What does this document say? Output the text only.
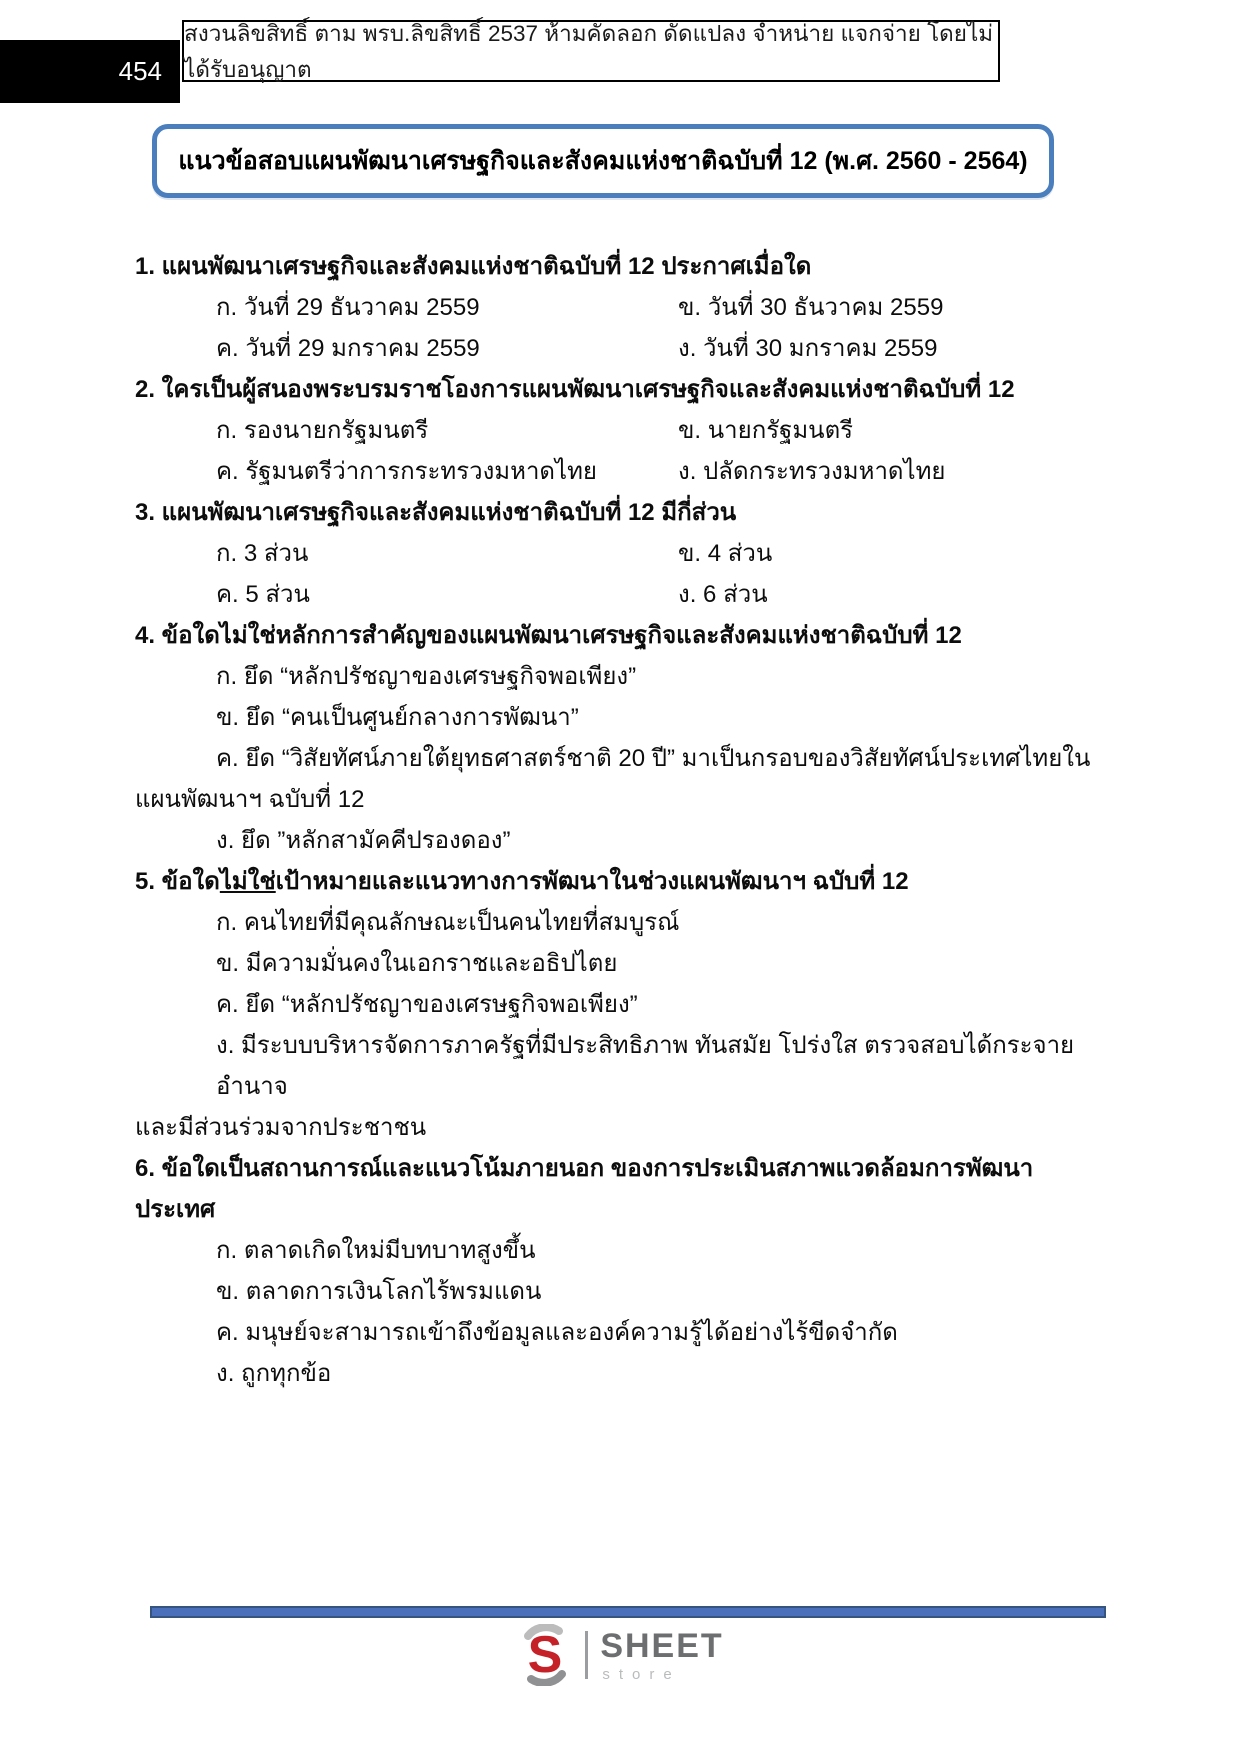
454
สงวนลิขสิทธิ์ ตาม พรบ.ลิขสิทธิ์ 2537 ห้ามคัดลอก ดัดแปลง จำหน่าย แจกจ่าย โดยไม่ได้รับอนุญาต
แนวข้อสอบแผนพัฒนาเศรษฐกิจและสังคมแห่งชาติฉบับที่ 12 (พ.ศ. 2560 - 2564)
1. แผนพัฒนาเศรษฐกิจและสังคมแห่งชาติฉบับที่ 12 ประกาศเมื่อใด
ก. วันที่ 29 ธันวาคม 2559	ข. วันที่ 30 ธันวาคม 2559
ค. วันที่ 29 มกราคม 2559	ง. วันที่ 30 มกราคม 2559
2. ใครเป็นผู้สนองพระบรมราชโองการแผนพัฒนาเศรษฐกิจและสังคมแห่งชาติฉบับที่ 12
ก. รองนายกรัฐมนตรี	ข. นายกรัฐมนตรี
ค. รัฐมนตรีว่าการกระทรวงมหาดไทย	ง. ปลัดกระทรวงมหาดไทย
3. แผนพัฒนาเศรษฐกิจและสังคมแห่งชาติฉบับที่ 12 มีกี่ส่วน
ก. 3 ส่วน	ข. 4 ส่วน
ค. 5 ส่วน	ง. 6 ส่วน
4. ข้อใดไม่ใช่หลักการสำคัญของแผนพัฒนาเศรษฐกิจและสังคมแห่งชาติฉบับที่ 12
ก. ยึด “หลักปรัชญาของเศรษฐกิจพอเพียง”
ข. ยึด “คนเป็นศูนย์กลางการพัฒนา”
ค. ยึด “วิสัยทัศน์ภายใต้ยุทธศาสตร์ชาติ 20 ปี” มาเป็นกรอบของวิสัยทัศน์ประเทศไทยใน
แผนพัฒนาฯ ฉบับที่ 12
ง. ยึด ”หลักสามัคคีปรองดอง”
5. ข้อใดไม่ใช่เป้าหมายและแนวทางการพัฒนาในช่วงแผนพัฒนาฯ ฉบับที่ 12
ก. คนไทยที่มีคุณลักษณะเป็นคนไทยที่สมบูรณ์
ข. มีความมั่นคงในเอกราชและอธิปไตย
ค. ยึด “หลักปรัชญาของเศรษฐกิจพอเพียง”
ง. มีระบบบริหารจัดการภาครัฐที่มีประสิทธิภาพ ทันสมัย โปร่งใส ตรวจสอบได้กระจายอำนาจ
และมีส่วนร่วมจากประชาชน
6. ข้อใดเป็นสถานการณ์และแนวโน้มภายนอก ของการประเมินสภาพแวดล้อมการพัฒนาประเทศ
ก. ตลาดเกิดใหม่มีบทบาทสูงขึ้น
ข. ตลาดการเงินโลกไร้พรมแดน
ค. มนุษย์จะสามารถเข้าถึงข้อมูลและองค์ความรู้ได้อย่างไร้ขีดจำกัด
ง. ถูกทุกข้อ
S SHEET
store
